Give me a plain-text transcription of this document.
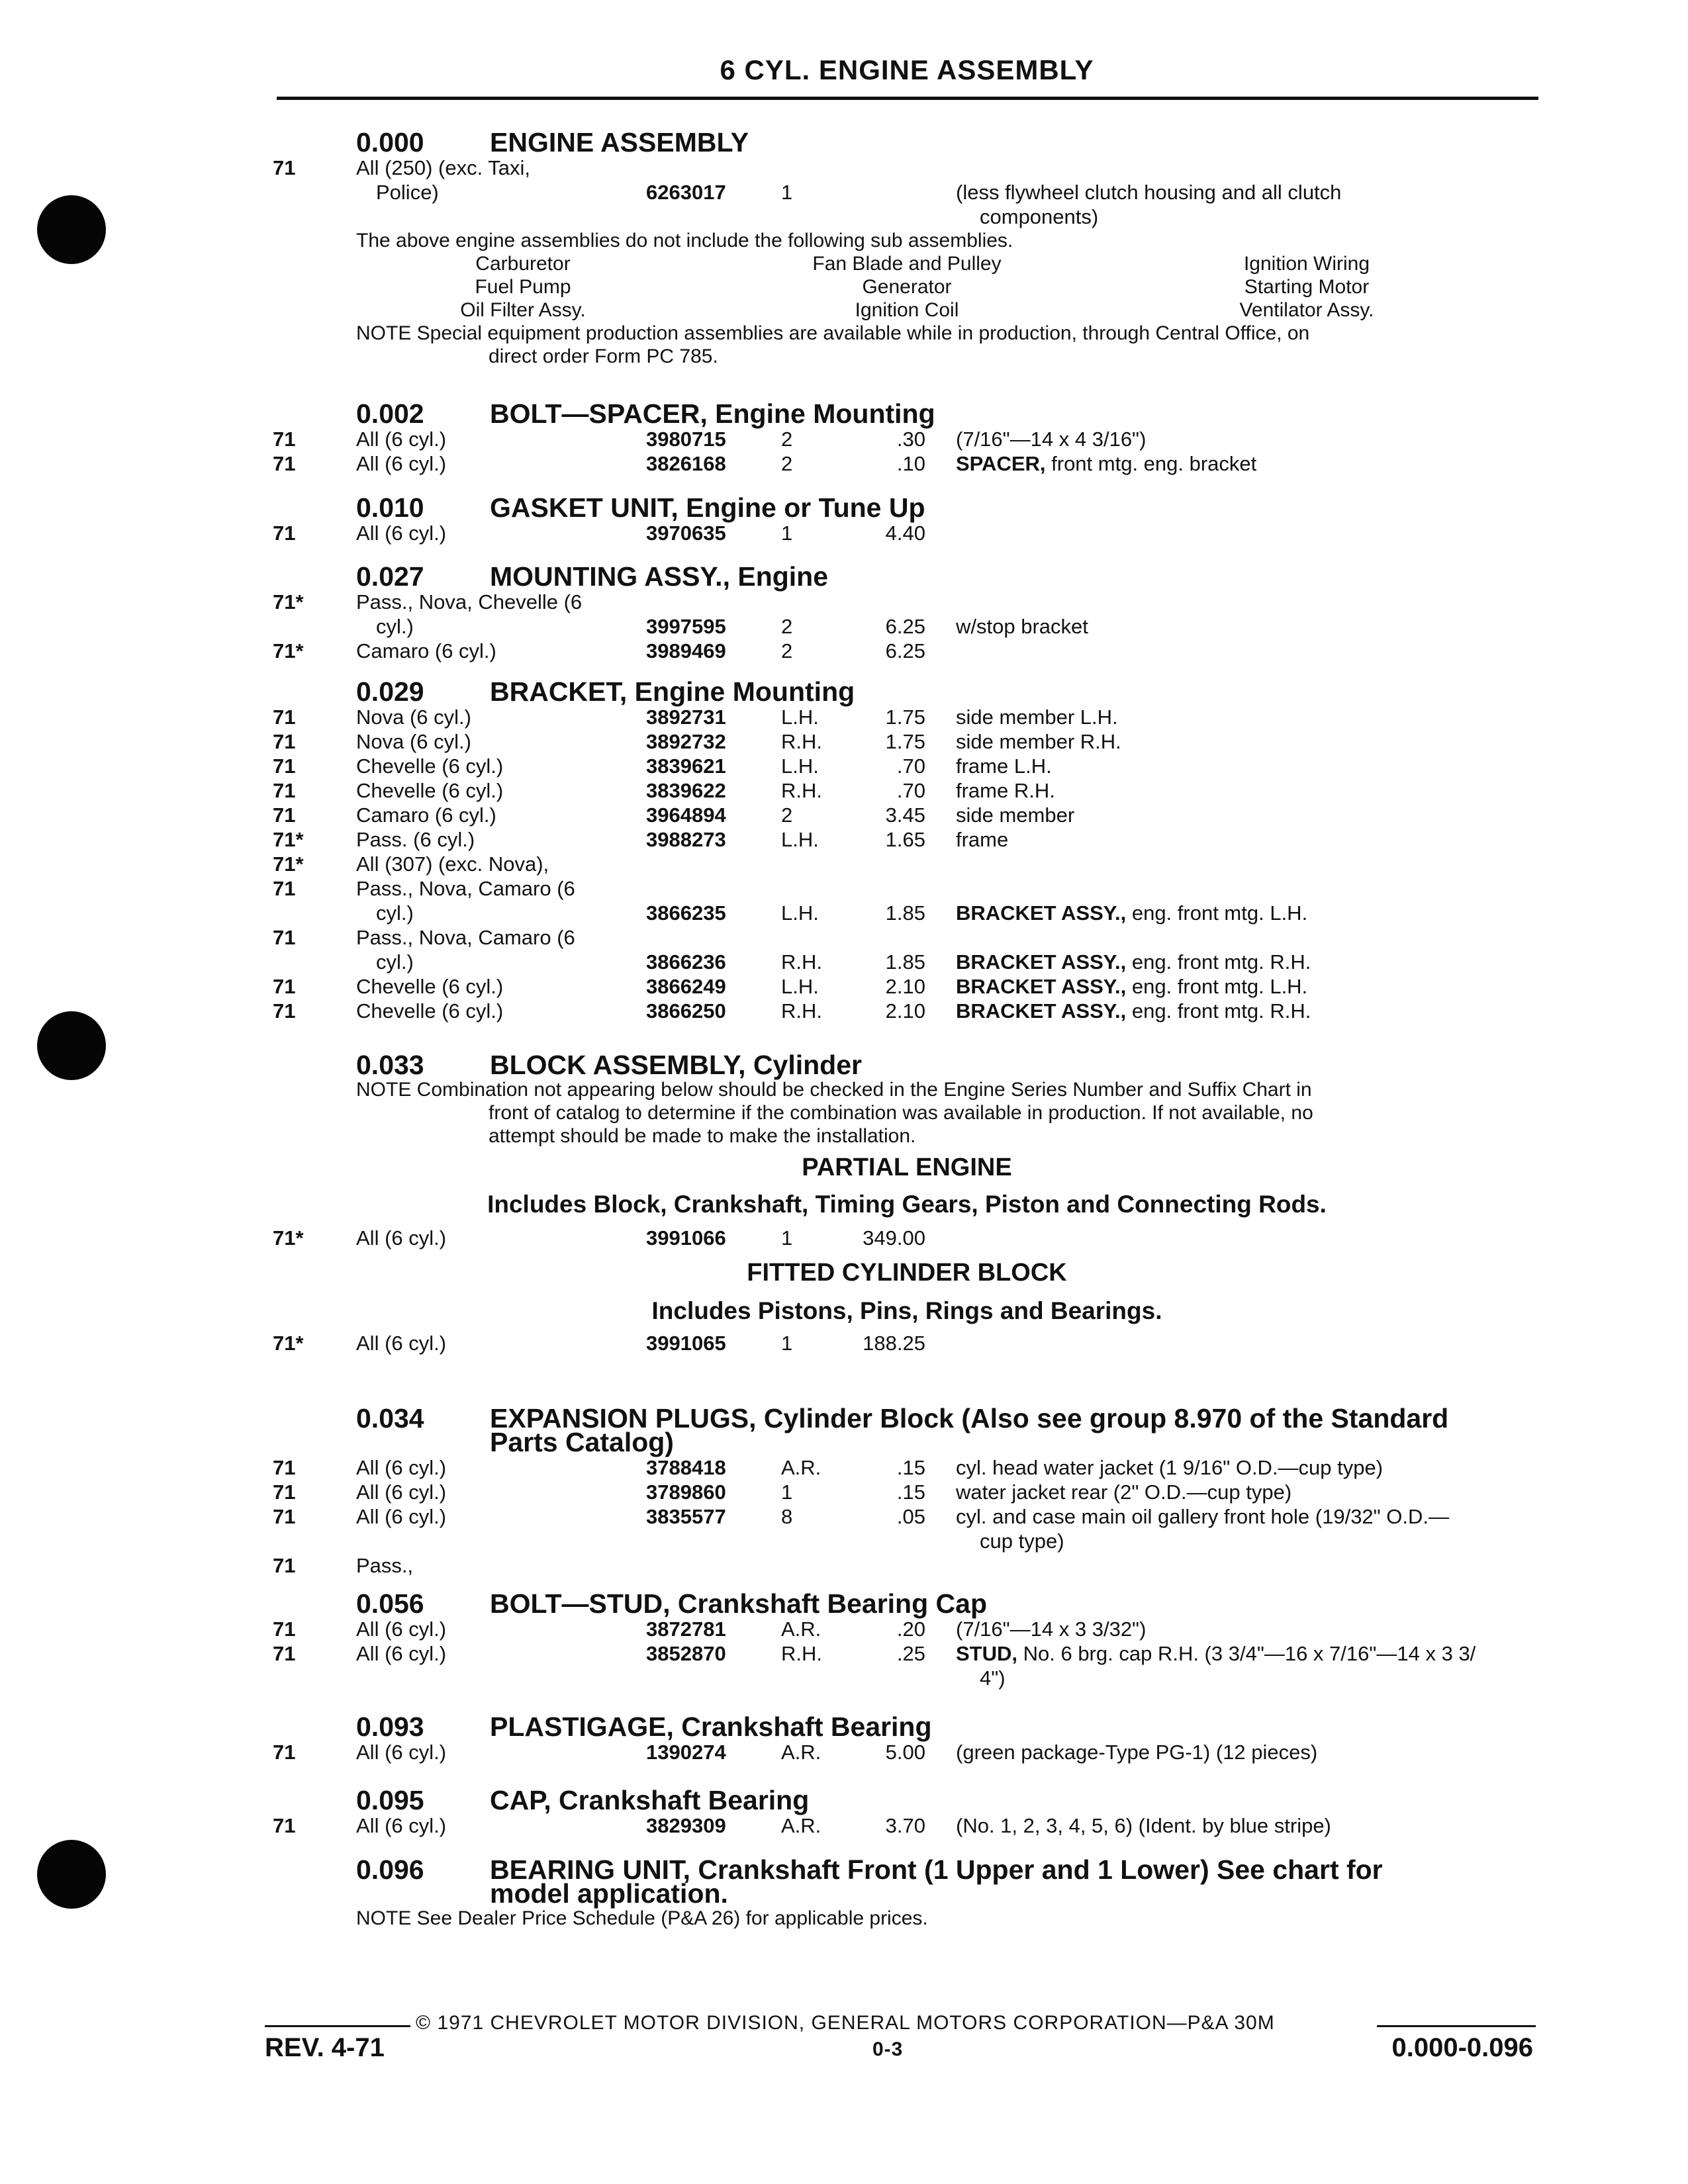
6 CYL. ENGINE ASSEMBLY
0.000 ENGINE ASSEMBLY
71	All (250) (exc. Taxi,
Police)	6263017	1	(less flywheel clutch housing and all clutch
components)
The above engine assemblies do not include the following sub assemblies.
Carburetor	Fan Blade and Pulley	Ignition Wiring
Fuel Pump	Generator	Starting Motor
Oil Filter Assy.	Ignition Coil	Ventilator Assy.
NOTE Special equipment production assemblies are available while in production, through Central Office, on
direct order Form PC 785.
0.002 BOLT—SPACER, Engine Mounting
71	All (6 cyl.)	3980715	2	.30 (7/16"—14 x 4 3/16")
71	All (6 cyl.)	3826168	2	.10 SPACER, front mtg. eng. bracket
0.010 GASKET UNIT, Engine or Tune Up
71	All (6 cyl.)	3970635	1	4.40
0.027 MOUNTING ASSY., Engine
71*	Pass., Nova, Chevelle (6
cyl.)	3997595	2	6.25 w/stop bracket
71*	Camaro (6 cyl.)	3989469	2	6.25
0.029 BRACKET, Engine Mounting
71	Nova (6 cyl.)	3892731	L.H.	1.75 side member L.H.
71	Nova (6 cyl.)	3892732	R.H.	1.75 side member R.H.
71	Chevelle (6 cyl.)	3839621	L.H.	.70 frame L.H.
71	Chevelle (6 cyl.)	3839622	R.H.	.70 frame R.H.
71	Camaro (6 cyl.)	3964894	2	3.45 side member
71*	Pass. (6 cyl.)	3988273	L.H.	1.65 frame
71*	All (307) (exc. Nova),
71	Pass., Nova, Camaro (6
cyl.)	3866235	L.H.	1.85 BRACKET ASSY., eng. front mtg. L.H.
71	Pass., Nova, Camaro (6
cyl.)	3866236	R.H.	1.85 BRACKET ASSY., eng. front mtg. R.H.
71	Chevelle (6 cyl.)	3866249	L.H.	2.10 BRACKET ASSY., eng. front mtg. L.H.
71	Chevelle (6 cyl.)	3866250	R.H.	2.10 BRACKET ASSY., eng. front mtg. R.H.
0.033 BLOCK ASSEMBLY, Cylinder
NOTE Combination not appearing below should be checked in the Engine Series Number and Suffix Chart in
front of catalog to determine if the combination was available in production. If not available, no
attempt should be made to make the installation.
PARTIAL ENGINE
Includes Block, Crankshaft, Timing Gears, Piston and Connecting Rods.
71*	All (6 cyl.)	3991066	1	349.00
FITTED CYLINDER BLOCK
Includes Pistons, Pins, Rings and Bearings.
71*	All (6 cyl.)	3991065	1	188.25
0.034 EXPANSION PLUGS, Cylinder Block (Also see group 8.970 of the Standard
Parts Catalog)
71	All (6 cyl.)	3788418	A.R.	.15 cyl. head water jacket (1 9/16" O.D.—cup type)
71	All (6 cyl.)	3789860	1	.15 water jacket rear (2" O.D.—cup type)
71	All (6 cyl.)	3835577	8	.05 cyl. and case main oil gallery front hole (19/32" O.D.—
cup type)
71	Pass.,
0.056 BOLT—STUD, Crankshaft Bearing Cap
71	All (6 cyl.)	3872781	A.R.	.20 (7/16"—14 x 3 3/32")
71	All (6 cyl.)	3852870	R.H.	.25 STUD, No. 6 brg. cap R.H. (3 3/4"—16 x 7/16"—14 x 3 3/
4")
0.093 PLASTIGAGE, Crankshaft Bearing
71	All (6 cyl.)	1390274	A.R.	5.00 (green package-Type PG-1) (12 pieces)
0.095 CAP, Crankshaft Bearing
71	All (6 cyl.)	3829309	A.R.	3.70 (No. 1, 2, 3, 4, 5, 6) (Ident. by blue stripe)
0.096 BEARING UNIT, Crankshaft Front (1 Upper and 1 Lower) See chart for
model application.
NOTE See Dealer Price Schedule (P&A 26) for applicable prices.
© 1971 CHEVROLET MOTOR DIVISION, GENERAL MOTORS CORPORATION—P&A 30M
REV. 4-71	0-3	0.000-0.096
